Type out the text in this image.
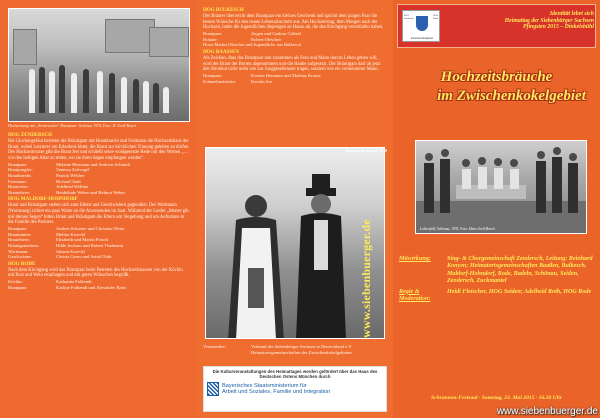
Hochzeitszug mit „Aermestolen“ Brautpaar: Schönau 1974. Foto: H. Greß-Bosch
HOG ZENDERSCH
Bei Glockengeläut betreten der Bräutigam mit Brautknecht und Freimann die Hochzeitshaus der Braut, wobei Letzterer um Erlaubnis bittet, die Braut zur kirchlichen Trauung geleiten zu dürfen. Der Hochzeitsvater gibt die Braut frei und schließt seine wohlgesetzte Rede mit den Worten „… vor den heiligen Altar zu treten, wo sie ihren Segen empfangen werden“.
Brautpaar:	Melanie Hermann und Andreas Schmidt
Brautjungfer:	Vanessa Zeitvogel
Brautknecht:	Patrick Welther
Freimann:	Richard Taub
Brautvater:	Adelheid Welther
Brauteltern:	Heidelinde Weber und Helmut Weber
HOG MALDORF-HOHNDORF
Braut und Bräutigam stehen sich zum Eltern und Geschwistern gegenüber. Der Wortmann (Wortmang) richtet ein paar Worte an die Anwesenden im Saal. Während der Lieder „Mutter gib mir deinen Segen“ bitten Braut und Bräutigam die Eltern um Vergebung und um Aufnahme in die Familie des Partners.
Brautpaar:	Andrea Schuster und Christian Weiss
Brautmutter:	Melitta Kroeckl
Brauteltern:	Elisabeth und Martin Potsch
Bräutigameltern:	Hilde Juchum und Robert Thalmann
Wortmann:	Johann Kroeckl
Geschwister:	Christa Gross und Astrid Türk
HOG RODE
Nach dem Kirchgang wird das Brautpaar beim Betreten des Hochzeitshauses von der Köchin mit Brot und Wein empfangen und mit guten Wünschen begrüßt.
Köchin:	Katharina Folkendt
Brautpaar:	Karline Folkendt und Alexander Barts
HOG BULKESCH
Der Bräuter überreicht dem Brautpaar ein kleines Geschenk und spricht dem jungen Paar die besten Wünsche für den neuen Lebensabschnitt aus. Am Hochzeitstag, dem Morgen nach der Hochzeit, laden die Jugendlichen diejenigen zu Hause ab, die den Kirchgang verschlafen haben.
Brautpaar:	Jürgen und Gudrun Göbbel
Bräuter:	Robert Olescher
Horst Martin Olescher und Jugendliche aus Bulkesch
HOG BAASSEN
Als Zeichen, dass das Brautpaar nun zusammen als Frau und Mann durchs Leben gehen will, wird der Braut der Borten abgenommen und die Haube aufgesetzt. Der Bräutigam darf ab jetzt den Strohhut nicht mehr wie zur Junggesellenzeit tragen, sondern wie ein verheirateter Mann.
Brautpaar:	Kirsten Hermann und Mathias Krauss
Kränzelmeisterin:	Kerstin Arz
Baassen, Brautpaar, 1938
www.siebenbuerger.de
Veranstalter:	Verband der Siebenbürger Sachsen in Deutschland e.V. Heimatortsgemeinschaften des Zwischenkokelgebietes
Die Kulturveranstaltungen des Heimattages werden gefördert über das Haus des Deutschen Ostens München durch
Bayerisches Staatsministerium für
Arbeit und Soziales, Familie und Integration
HOG Zendersch
HOG Rode
Zwischenkokelgebiet
Identität lebet sich
Heimattag der Siebenbürger Sachsen
Pfingsten 2015 – Dinkelsbühl
Hochzeitsbräuche
im Zwischenkokelgebiet
Laikenfeld, Schönau, 1976. Foto: Hans Greß-Bosch
Mitwirkung:	Sing- & Chorgemeinschaft Zendersch, Leitung: Reinhard Konyen; Heimatortsgemeinschaften Baaßen, Bulkesch, Maldorf-Hohndorf, Rode, Radeln, Schönau, Seiden, Zendersch, Zuckmantel
Regie & Moderation:
Heidi Fleischer, HOG Seiden; Adelheid Roth, HOG Rode
Schrannen-Festsaal · Samstag, 23. Mai 2015 · 16.30 Uhr
www.siebenbuerger.de
